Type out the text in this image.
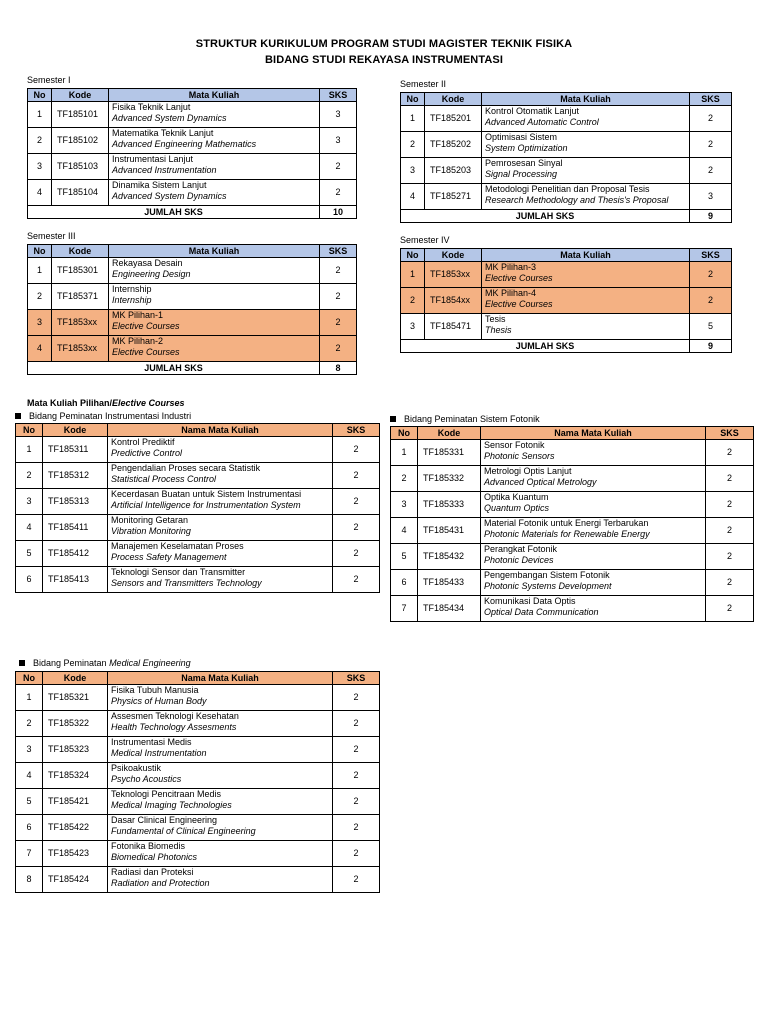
STRUKTUR KURIKULUM PROGRAM STUDI MAGISTER TEKNIK FISIKA
BIDANG STUDI REKAYASA INSTRUMENTASI
Semester I
No	Kode	Mata Kuliah	SKS
1	TF185101	Fisika Teknik Lanjut
Advanced System Dynamics	3
2	TF185102	Matematika Teknik Lanjut
Advanced Engineering Mathematics	3
3	TF185103	Instrumentasi Lanjut
Advanced Instrumentation	2
4	TF185104	Dinamika Sistem Lanjut
Advanced System Dynamics	2
JUMLAH SKS			10
Semester II
No	Kode	Mata Kuliah	SKS
1	TF185201	Kontrol Otomatik Lanjut
Advanced Automatic Control	2
2	TF185202	Optimisasi Sistem
System Optimization	2
3	TF185203	Pemrosesan Sinyal
Signal Processing	2
4	TF185271	Metodologi Penelitian dan Proposal Tesis
Research Methodology and Thesis's Proposal	3
JUMLAH SKS			9
Semester III
No	Kode	Mata Kuliah	SKS
1	TF185301	Rekayasa Desain
Engineering Design	2
2	TF185371	Internship
Internship	2
3	TF1853xx	MK Pilihan-1
Elective Courses	2
4	TF1853xx	MK Pilihan-2
Elective Courses	2
JUMLAH SKS			8
Semester IV
No	Kode	Mata Kuliah	SKS
1	TF1853xx	MK Pilihan-3
Elective Courses	2
2	TF1854xx	MK Pilihan-4
Elective Courses	2
3	TF185471	Tesis
Thesis	5
JUMLAH SKS			9
Mata Kuliah Pilihan/Elective Courses
Bidang Peminatan Instrumentasi Industri
No	Kode	Nama Mata Kuliah	SKS
1	TF185311	Kontrol Prediktif
Predictive Control	2
2	TF185312	Pengendalian Proses secara Statistik
Statistical Process Control	2
3	TF185313	Kecerdasan Buatan untuk Sistem Instrumentasi
Artificial Intelligence for Instrumentation System	2
4	TF185411	Monitoring Getaran
Vibration Monitoring	2
5	TF185412	Manajemen Keselamatan Proses
Process Safety Management	2
6	TF185413	Teknologi Sensor dan Transmitter
Sensors and Transmitters Technology	2
Bidang Peminatan Sistem Fotonik
No	Kode	Nama Mata Kuliah	SKS
1	TF185331	Sensor Fotonik
Photonic Sensors	2
2	TF185332	Metrologi Optis Lanjut
Advanced Optical Metrology	2
3	TF185333	Optika Kuantum
Quantum Optics	2
4	TF185431	Material Fotonik untuk Energi Terbarukan
Photonic Materials for Renewable Energy	2
5	TF185432	Perangkat Fotonik
Photonic Devices	2
6	TF185433	Pengembangan Sistem Fotonik
Photonic Systems Development	2
7	TF185434	Komunikasi Data Optis
Optical Data Communication	2
Bidang Peminatan Medical Engineering
No	Kode	Nama Mata Kuliah	SKS
1	TF185321	Fisika Tubuh Manusia
Physics of Human Body	2
2	TF185322	Assesmen Teknologi Kesehatan
Health Technology Assesments	2
3	TF185323	Instrumentasi Medis
Medical Instrumentation	2
4	TF185324	Psikoakustik
Psycho Acoustics	2
5	TF185421	Teknologi Pencitraan Medis
Medical Imaging Technologies	2
6	TF185422	Dasar Clinical Engineering
Fundamental of Clinical Engineering	2
7	TF185423	Fotonika Biomedis
Biomedical Photonics	2
8	TF185424	Radiasi dan Proteksi
Radiation and Protection	2
